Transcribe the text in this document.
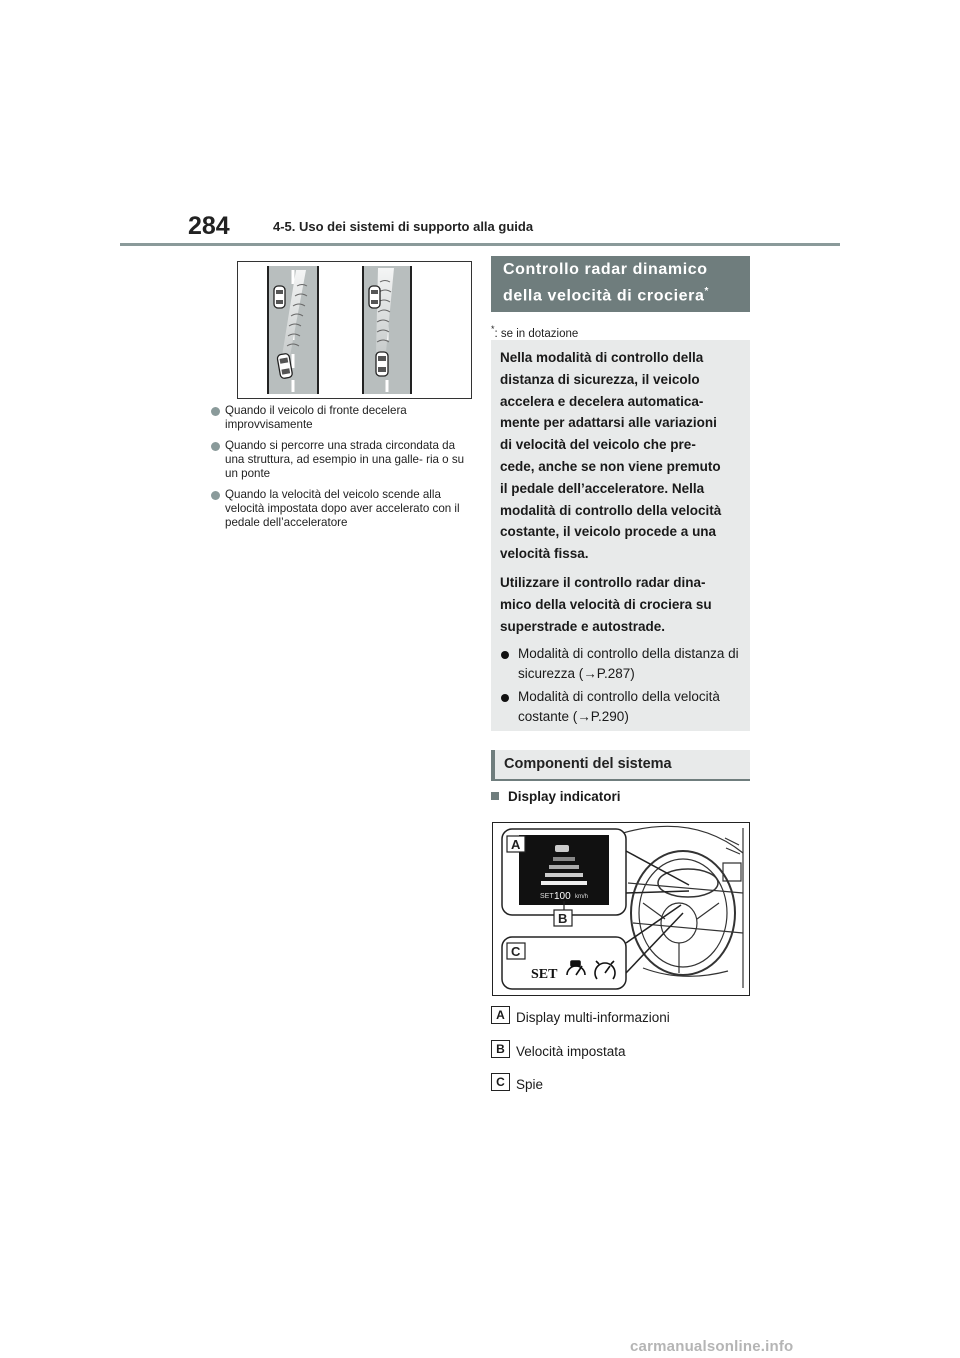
284	4-5. Uso dei sistemi di supporto alla guida
Quando il veicolo di fronte decelera improvvisamente
Quando si percorre una strada circondata da una struttura, ad esempio in una galle- ria o su un ponte
Quando la velocità del veicolo scende alla velocità impostata dopo aver accelerato con il pedale dell’acceleratore
Controllo radar dinamico
della velocità di crociera*
*: se in dotazione
Nella modalità di controllo della
distanza di sicurezza, il veicolo
accelera e decelera automatica-
mente per adattarsi alle variazioni
di velocità del veicolo che pre-
cede, anche se non viene premuto
il pedale dell’acceleratore. Nella
modalità di controllo della velocità
costante, il veicolo procede a una
velocità fissa.
Utilizzare il controllo radar dina-
mico della velocità di crociera su
superstrade e autostrade.
Modalità di controllo della distanza di sicurezza (→P.287)
Modalità di controllo della velocità costante (→P.290)
Componenti del sistema
Display indicatori
SET 100 km/h
A
B
C
SET
A Display multi-informazioni
B Velocità impostata
C Spie
carmanualsonline.info
